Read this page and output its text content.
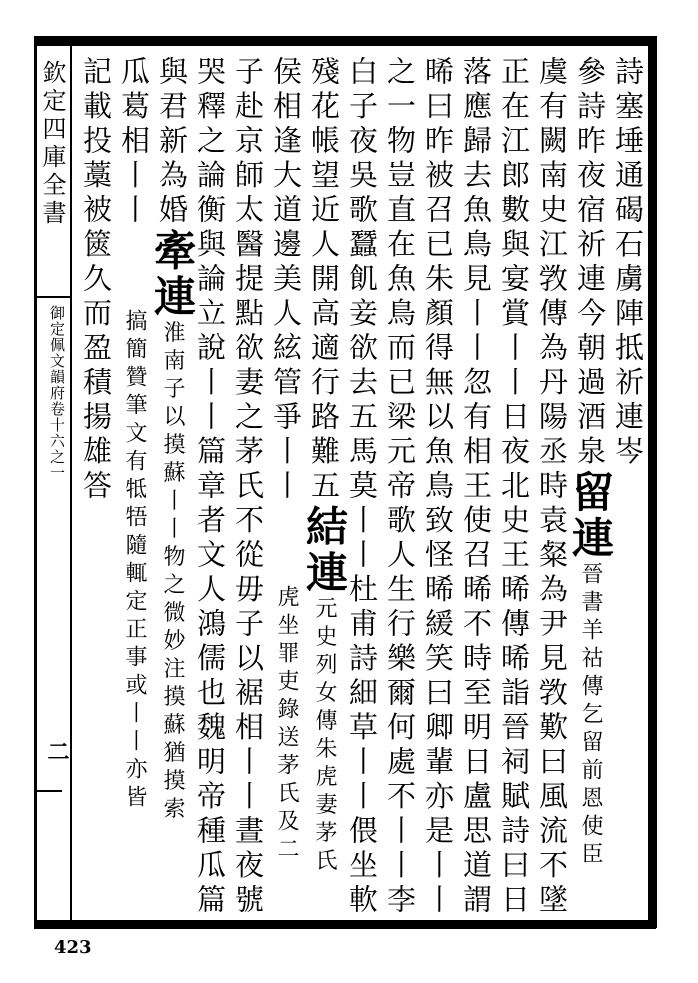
欽定四庫全書
御定佩文韻府卷十六之一
二
詩塞埵通碣石虜陣抵祈連岑
參詩昨夜宿祈連今朝過酒泉留連晉書羊祜傳乞留前恩使臣
虞有闕南史江敩傳為丹陽丞時袁粲為尹見敩歎曰風流不墜
正在江郎數與宴賞丨丨日夜北史王晞傳晞詣晉祠賦詩曰日
落應歸去魚鳥見丨丨忽有相王使召晞不時至明日盧思道謂
晞曰昨被召已朱顏得無以魚鳥致怪晞緩笑曰卿輩亦是丨丨
之一物豈直在魚鳥而已梁元帝歌人生行樂爾何處不丨丨李
白子夜吳歌蠶飢妾欲去五馬莫丨丨杜甫詩細草丨丨偎坐軟
殘花帳望近人開高適行路難五結連元史列女傳朱虎妻茅氏
侯相逢大道邊美人絃管爭丨丨虎坐罪吏錄送茅氏及二
子赴京師太醫提點欲妻之茅氏不從毋子以裾相丨丨晝夜號
哭釋之論衡與論立說丨丨篇章者文人鴻儒也魏明帝種瓜篇
與君新為婚牽連淮南子以摸蘇丨丨物之微妙注摸蘇猶摸索
瓜葛相丨丨搞簡贊筆文有牴牾隨輒定正事或丨丨亦皆
記載投藁被篋久而盈積揚雄答
423
